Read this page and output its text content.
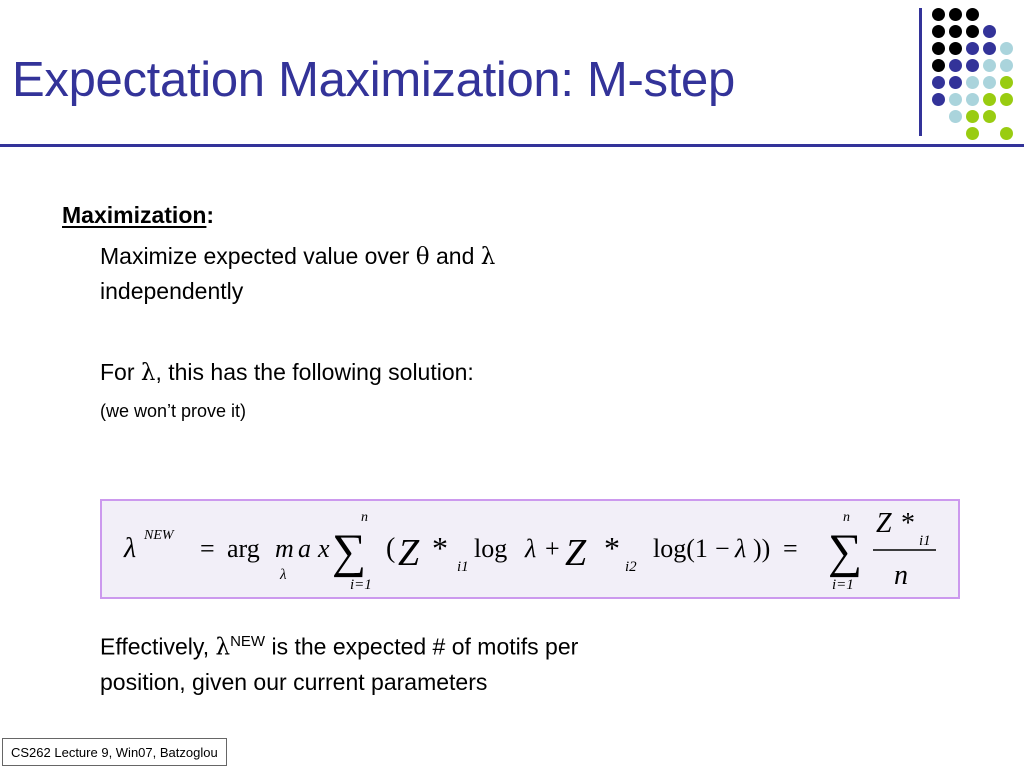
Expectation Maximization: M-step
Maximization:
Maximize expected value over θ and λ
independently
For λ, this has the following solution:
(we won’t prove it)
λ NEW = arg m a x
λ ∑
n
i=1
( Z *
i1
log λ + Z *
i2
log(1 − λ )) = ∑
n
i=1
Z *
i1
n
Effectively, $\lambda^{NEW}$ is the expected # of motifs per
position, given our current parameters
CS262 Lecture 9, Win07, Batzoglou
